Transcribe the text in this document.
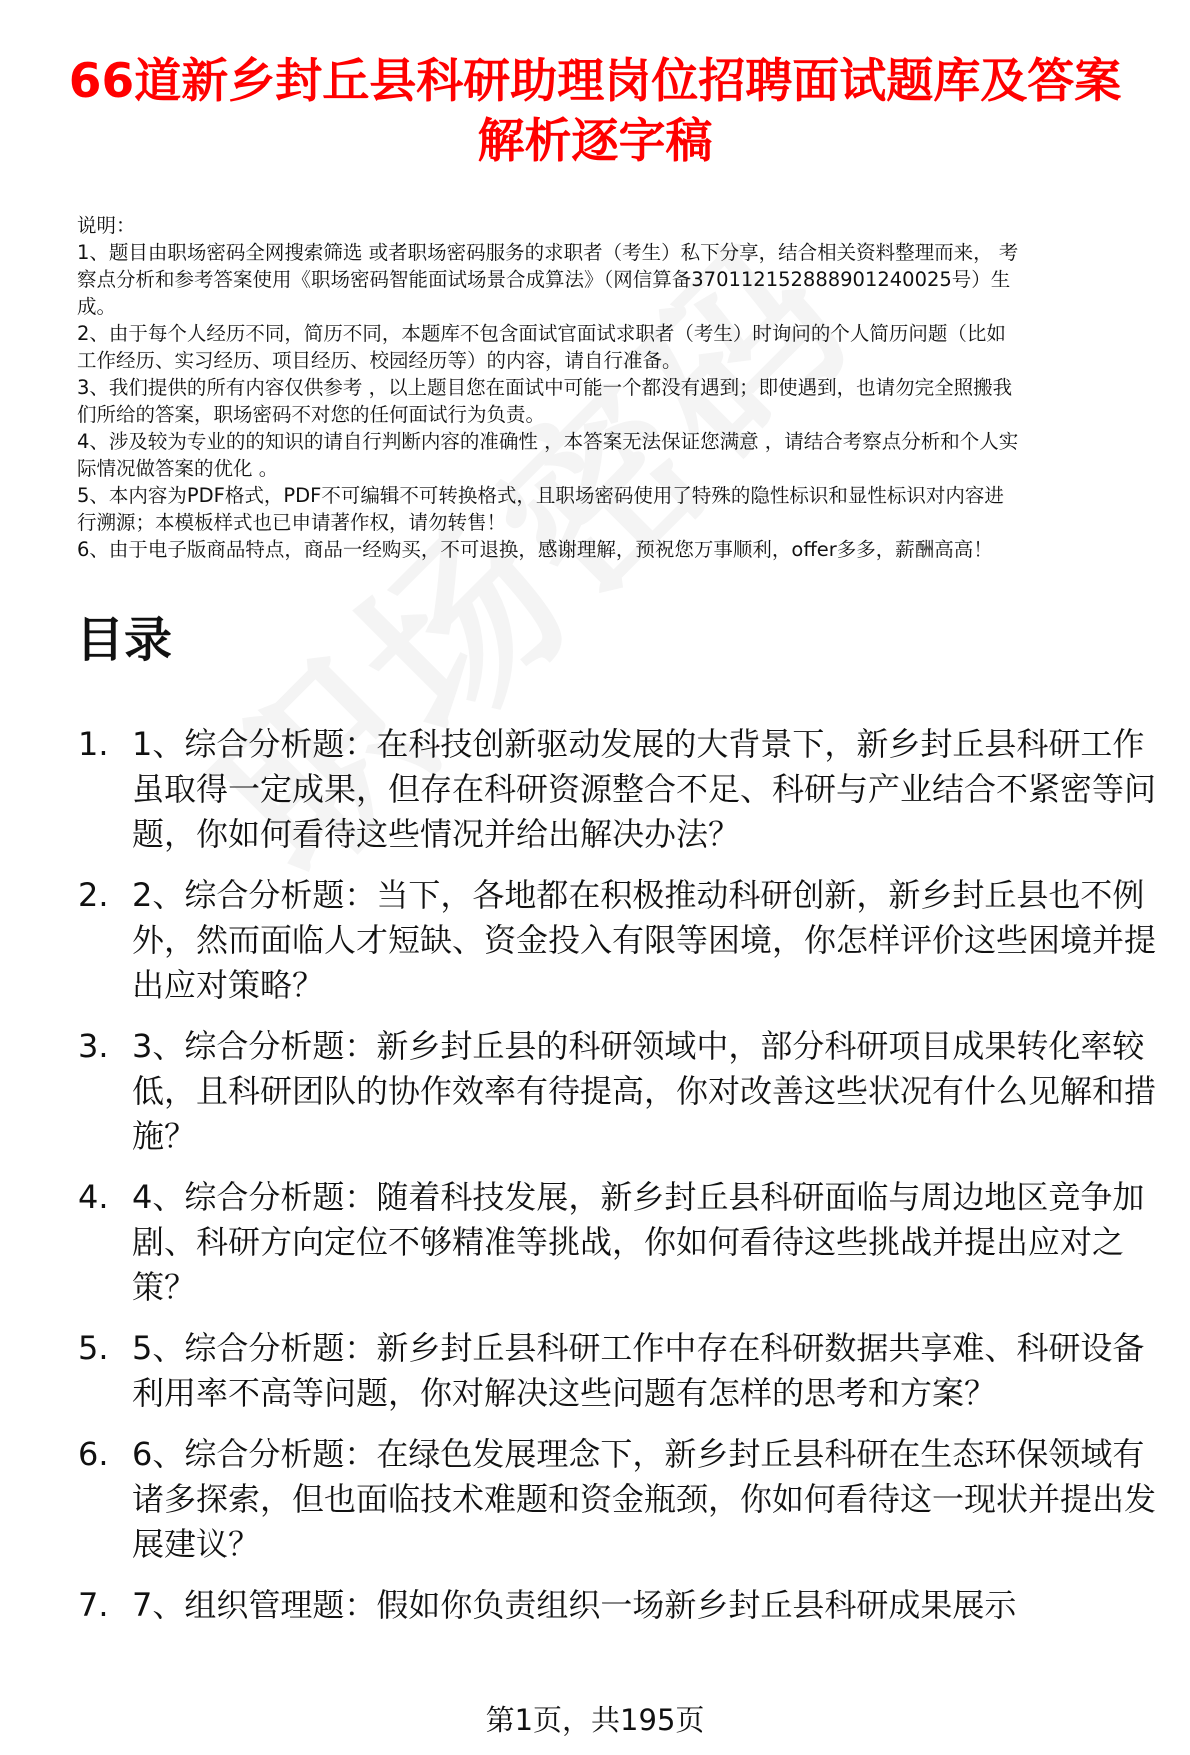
66道新乡封丘县科研助理岗位招聘面试题库及答案解析逐字稿
说明：
1、题目由职场密码全网搜索筛选 或者职场密码服务的求职者（考生）私下分享，结合相关资料整理而来， 考
察点分析和参考答案使用《职场密码智能面试场景合成算法》（网信算备370112152888901240025号）生
成。
2、由于每个人经历不同，简历不同，本题库不包含面试官面试求职者（考生）时询问的个人简历问题（比如
工作经历、实习经历、项目经历、校园经历等）的内容，请自行准备。
3、我们提供的所有内容仅供参考 ，以上题目您在面试中可能一个都没有遇到；即使遇到，也请勿完全照搬我
们所给的答案，职场密码不对您的任何面试行为负责。
4、涉及较为专业的的知识的请自行判断内容的准确性 ，本答案无法保证您满意 ，请结合考察点分析和个人实
际情况做答案的优化 。
5、本内容为PDF格式，PDF不可编辑不可转换格式，且职场密码使用了特殊的隐性标识和显性标识对内容进
行溯源；本模板样式也已申请著作权，请勿转售！
6、由于电子版商品特点，商品一经购买，不可退换，感谢理解，预祝您万事顺利，offer多多，薪酬高高！
目录
1. 1、综合分析题：在科技创新驱动发展的大背景下，新乡封丘县科研工作虽取得一定成果，但存在科研资源整合不足、科研与产业结合不紧密等问题，你如何看待这些情况并给出解决办法？
2. 2、综合分析题：当下，各地都在积极推动科研创新，新乡封丘县也不例外，然而面临人才短缺、资金投入有限等困境，你怎样评价这些困境并提出应对策略？
3. 3、综合分析题：新乡封丘县的科研领域中，部分科研项目成果转化率较低，且科研团队的协作效率有待提高，你对改善这些状况有什么见解和措施？
4. 4、综合分析题：随着科技发展，新乡封丘县科研面临与周边地区竞争加剧、科研方向定位不够精准等挑战，你如何看待这些挑战并提出应对之策？
5. 5、综合分析题：新乡封丘县科研工作中存在科研数据共享难、科研设备利用率不高等问题，你对解决这些问题有怎样的思考和方案？
6. 6、综合分析题：在绿色发展理念下，新乡封丘县科研在生态环保领域有诸多探索，但也面临技术难题和资金瓶颈，你如何看待这一现状并提出发展建议？
7. 7、组织管理题：假如你负责组织一场新乡封丘县科研成果展示
第1页，共195页
